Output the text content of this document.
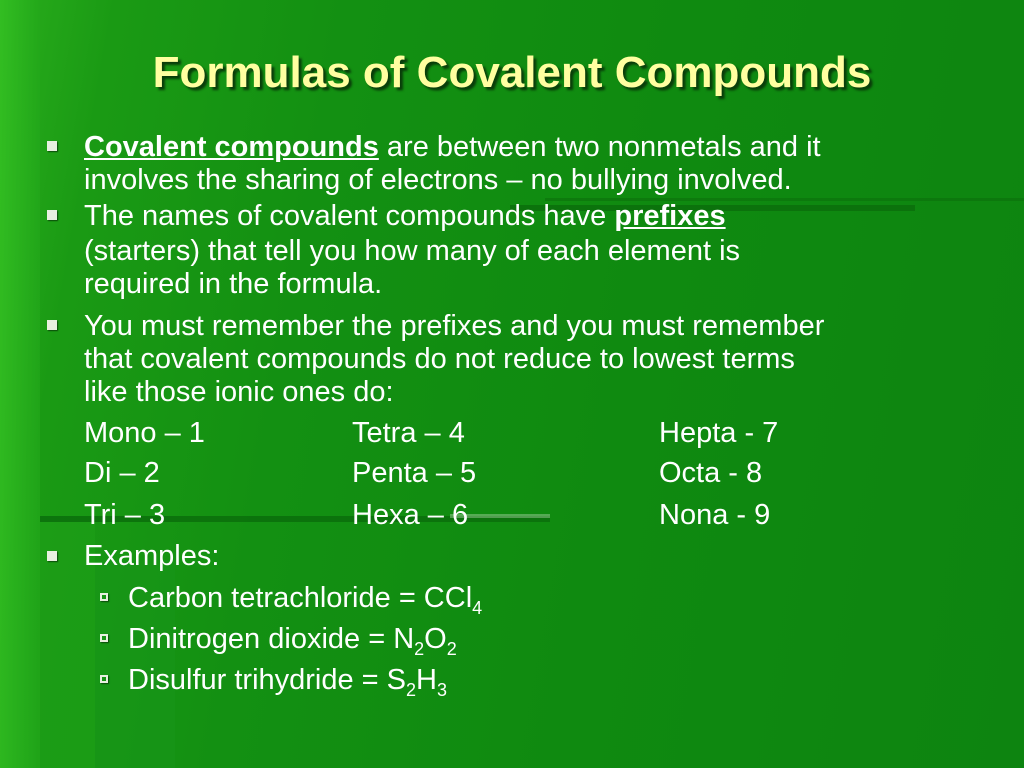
Formulas of Covalent Compounds
Covalent compounds are between two nonmetals and it
involves the sharing of electrons – no bullying involved.
The names of covalent compounds have prefixes
(starters) that tell you how many of each element is
required in the formula.
You must remember the prefixes and you must remember
that covalent compounds do not reduce to lowest terms
like those ionic ones do:
Mono – 1	Tetra – 4	Hepta - 7
Di – 2	Penta – 5	Octa - 8
Tri – 3	Hexa – 6	Nona - 9
Examples:
Carbon tetrachloride = CCl$_4$
Dinitrogen dioxide = $N_2O_2$
Disulfur trihydride = $S_2H_3$
